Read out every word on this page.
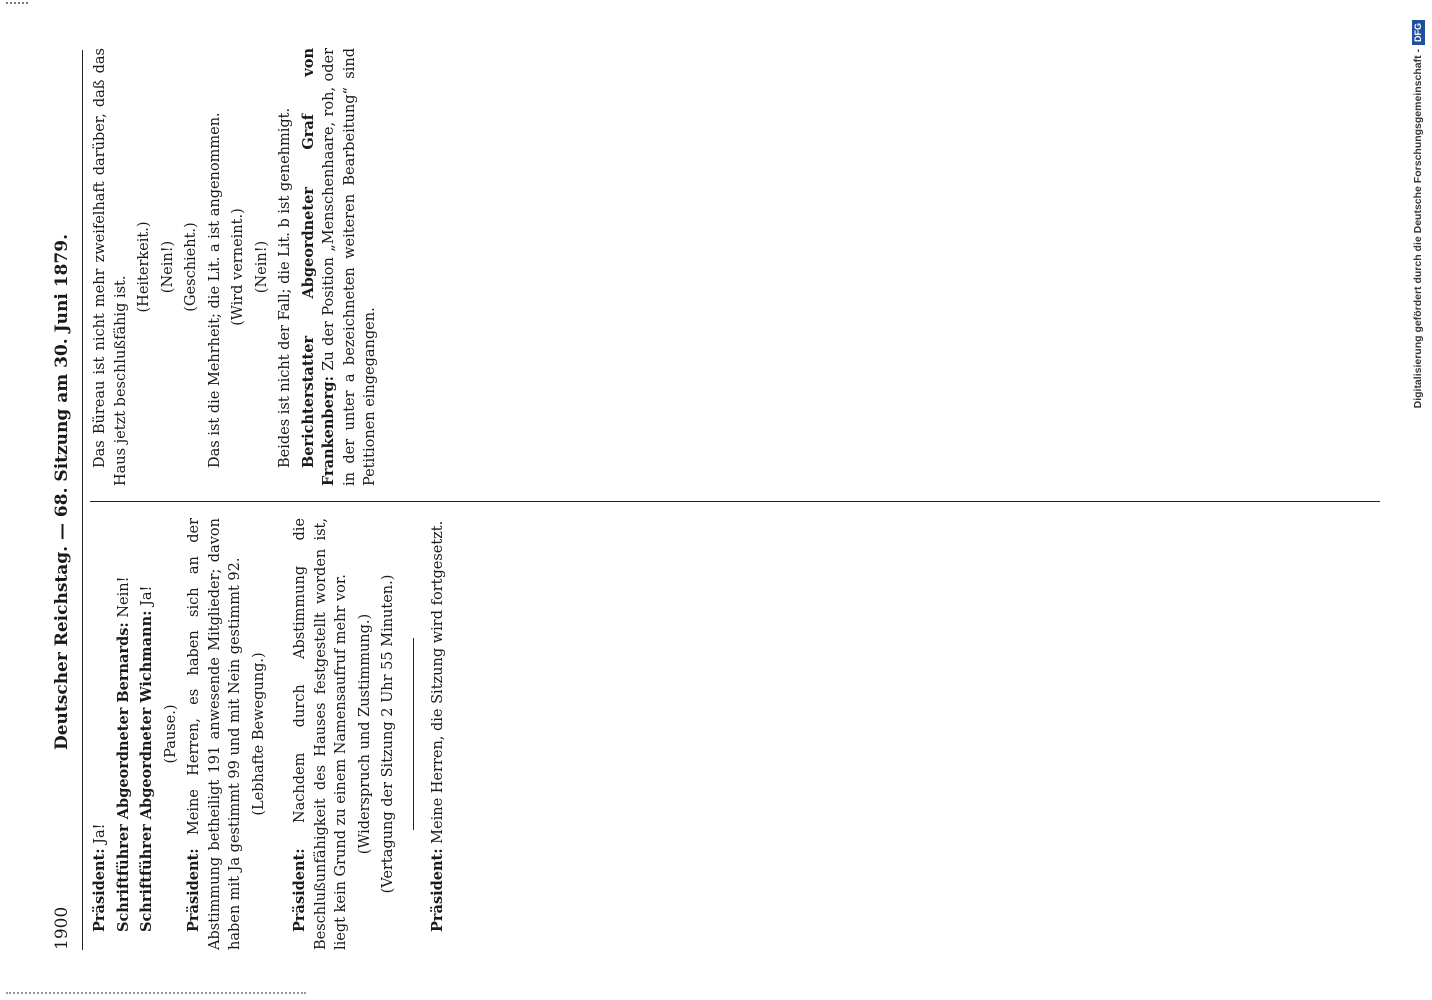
1900
Deutscher Reichstag. — 68. Sitzung am 30. Juni 1879.

Präsident: Ja! Schriftführer Abgeordneter Bernards: Nein!

Schriftführer Abgeordneter Wichmann: Ja!

(Pause.)

Präsident: Meine Herren, es haben sich an der Abstimmung betheiligt 191 anwesende Mitglieder; davon haben mit Ja gestimmt 99 und mit Nein gestimmt 92. (Lebhafte Bewegung.)

Präsident: Nachdem durch Abstimmung die Beschlußunfähigkeit des Hauses festgestellt worden ist, liegt kein Grund zu einem Namensaufruf mehr vor. (Widerspruch und Zustimmung.) (Vertagung der Sitzung 2 Uhr 55 Minuten.) Präsident: Meine Herren, die Sitzung wird fortgesetzt.

Das Büreau ist nicht mehr zweifelhaft darüber, daß das Haus jetzt beschlußfähig ist.

(Heiterkeit.) (Nein!) (Geschieht.) Das ist die Mehrheit; die Lit. a ist angenommen. (Wird verneint.) (Nein!) Beides ist nicht der Fall; die Lit. b ist genehmigt. Berichterstatter Abgeordneter Graf von Frankenberg: Zu der Position „Menschenhaare, roh, oder in der unter a bezeichneten weiteren Bearbeitung“ sind Petitionen eingegangen.	Digitalisierung gefördert durch die Deutsche Forschungsgemeinschaft -DFG
